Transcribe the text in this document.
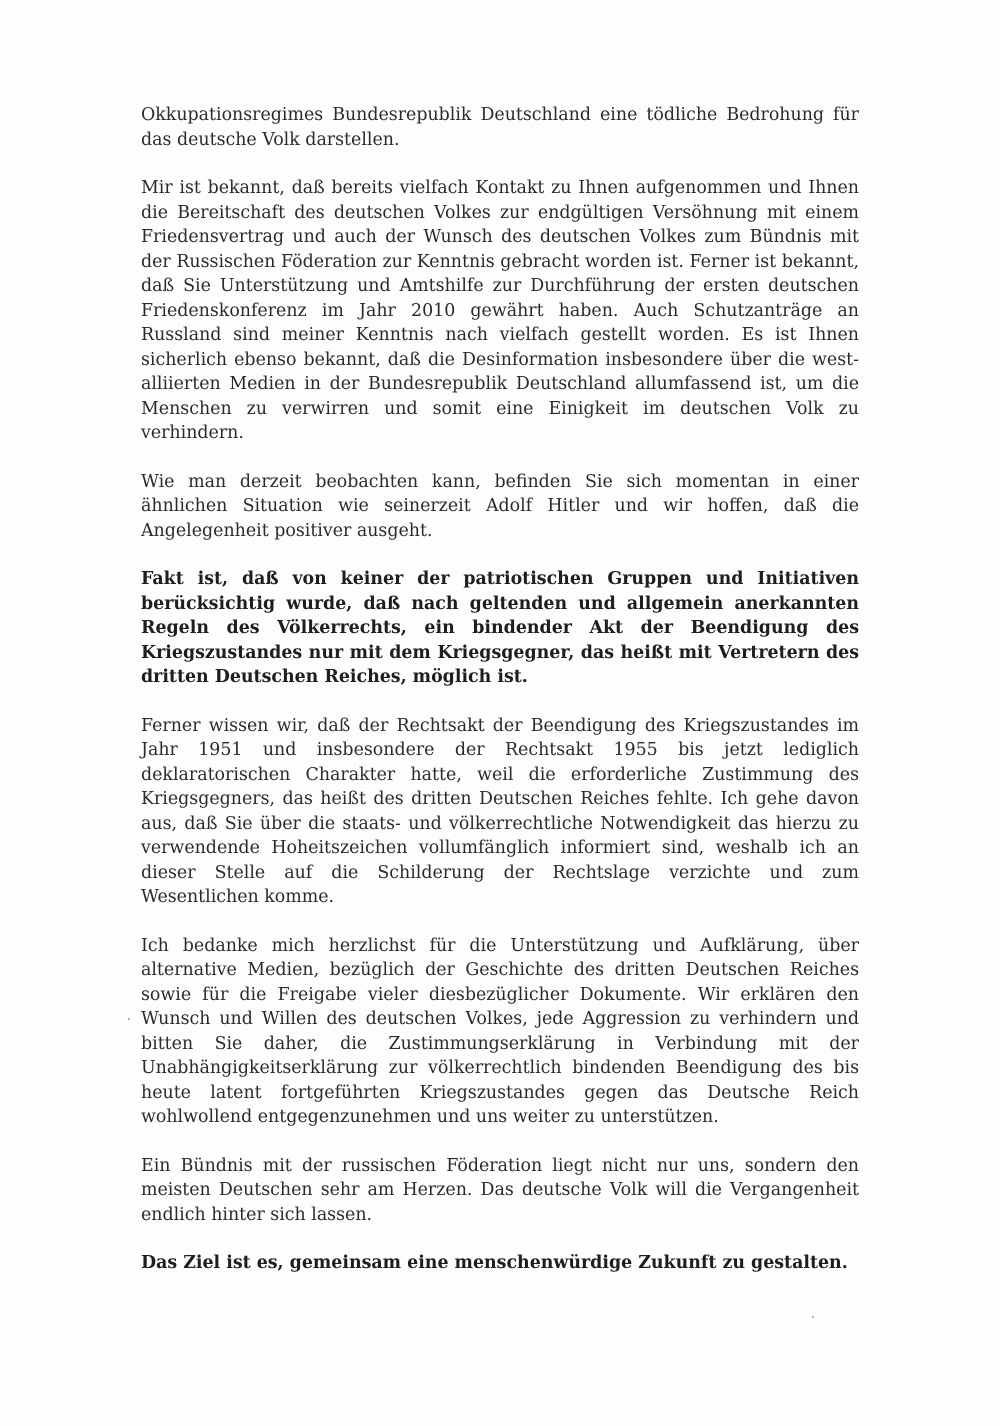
Okkupationsregimes Bundesrepublik Deutschland eine tödliche Bedrohung für das deutsche Volk darstellen.

Mir ist bekannt, daß bereits vielfach Kontakt zu Ihnen aufgenommen und Ihnen die Bereitschaft des deutschen Volkes zur endgültigen Versöhnung mit einem Friedensvertrag und auch der Wunsch des deutschen Volkes zum Bündnis mit der Russischen Föderation zur Kenntnis gebracht worden ist. Ferner ist bekannt, daß Sie Unterstützung und Amtshilfe zur Durchführung der ersten deutschen Friedenskonferenz im Jahr 2010 gewährt haben. Auch Schutzanträge an Russland sind meiner Kenntnis nach vielfach gestellt worden. Es ist Ihnen sicherlich ebenso bekannt, daß die Desinformation insbesondere über die west-alliierten Medien in der Bundesrepublik Deutschland allumfassend ist, um die Menschen zu verwirren und somit eine Einigkeit im deutschen Volk zu verhindern.

Wie man derzeit beobachten kann, befinden Sie sich momentan in einer ähnlichen Situation wie seinerzeit Adolf Hitler und wir hoffen, daß die Angelegenheit positiver ausgeht.

Fakt ist, daß von keiner der patriotischen Gruppen und Initiativen berücksichtig wurde, daß nach geltenden und allgemein anerkannten Regeln des Völkerrechts, ein bindender Akt der Beendigung des Kriegszustandes nur mit dem Kriegsgegner, das heißt mit Vertretern des dritten Deutschen Reiches, möglich ist.

Ferner wissen wir, daß der Rechtsakt der Beendigung des Kriegszustandes im Jahr 1951 und insbesondere der Rechtsakt 1955 bis jetzt lediglich deklaratorischen Charakter hatte, weil die erforderliche Zustimmung des Kriegsgegners, das heißt des dritten Deutschen Reiches fehlte. Ich gehe davon aus, daß Sie über die staats- und völkerrechtliche Notwendigkeit das hierzu zu verwendende Hoheitszeichen vollumfänglich informiert sind, weshalb ich an dieser Stelle auf die Schilderung der Rechtslage verzichte und zum Wesentlichen komme.

Ich bedanke mich herzlichst für die Unterstützung und Aufklärung, über alternative Medien, bezüglich der Geschichte des dritten Deutschen Reiches sowie für die Freigabe vieler diesbezüglicher Dokumente. Wir erklären den Wunsch und Willen des deutschen Volkes, jede Aggression zu verhindern und bitten Sie daher, die Zustimmungserklärung in Verbindung mit der Unabhängigkeitserklärung zur völkerrechtlich bindenden Beendigung des bis heute latent fortgeführten Kriegszustandes gegen das Deutsche Reich wohlwollend entgegenzunehmen und uns weiter zu unterstützen.

Ein Bündnis mit der russischen Föderation liegt nicht nur uns, sondern den meisten Deutschen sehr am Herzen. Das deutsche Volk will die Vergangenheit endlich hinter sich lassen.

Das Ziel ist es, gemeinsam eine menschenwürdige Zukunft zu gestalten.
